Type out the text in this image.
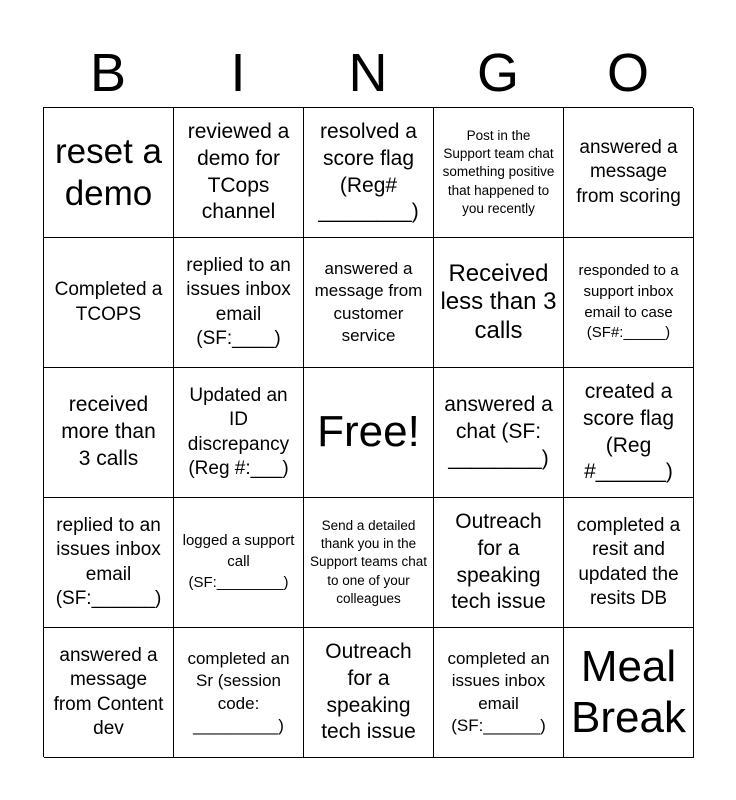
B	I	N	G	O
reset a demo
reviewed a demo for TCops channel
resolved a score flag (Reg# ________)
Post in the Support team chat something positive that happened to you recently
answered a message from scoring
Completed a TCOPS
replied to an issues inbox email (SF:____)
answered a message from customer service
Received less than 3 calls
responded to a support inbox email to case (SF#:_____)
received more than 3 calls
Updated an ID discrepancy (Reg #:___)
Free!
answered a chat (SF: ________)
created a score flag (Reg #______)
replied to an issues inbox email (SF:______)
logged a support call (SF:________)
Send a detailed thank you in the Support teams chat to one of your colleagues
Outreach for a speaking tech issue
completed a resit and updated the resits DB
answered a message from Content dev
completed an Sr (session code: _________)
Outreach for a speaking tech issue
completed an issues inbox email (SF:______)
Meal Break
